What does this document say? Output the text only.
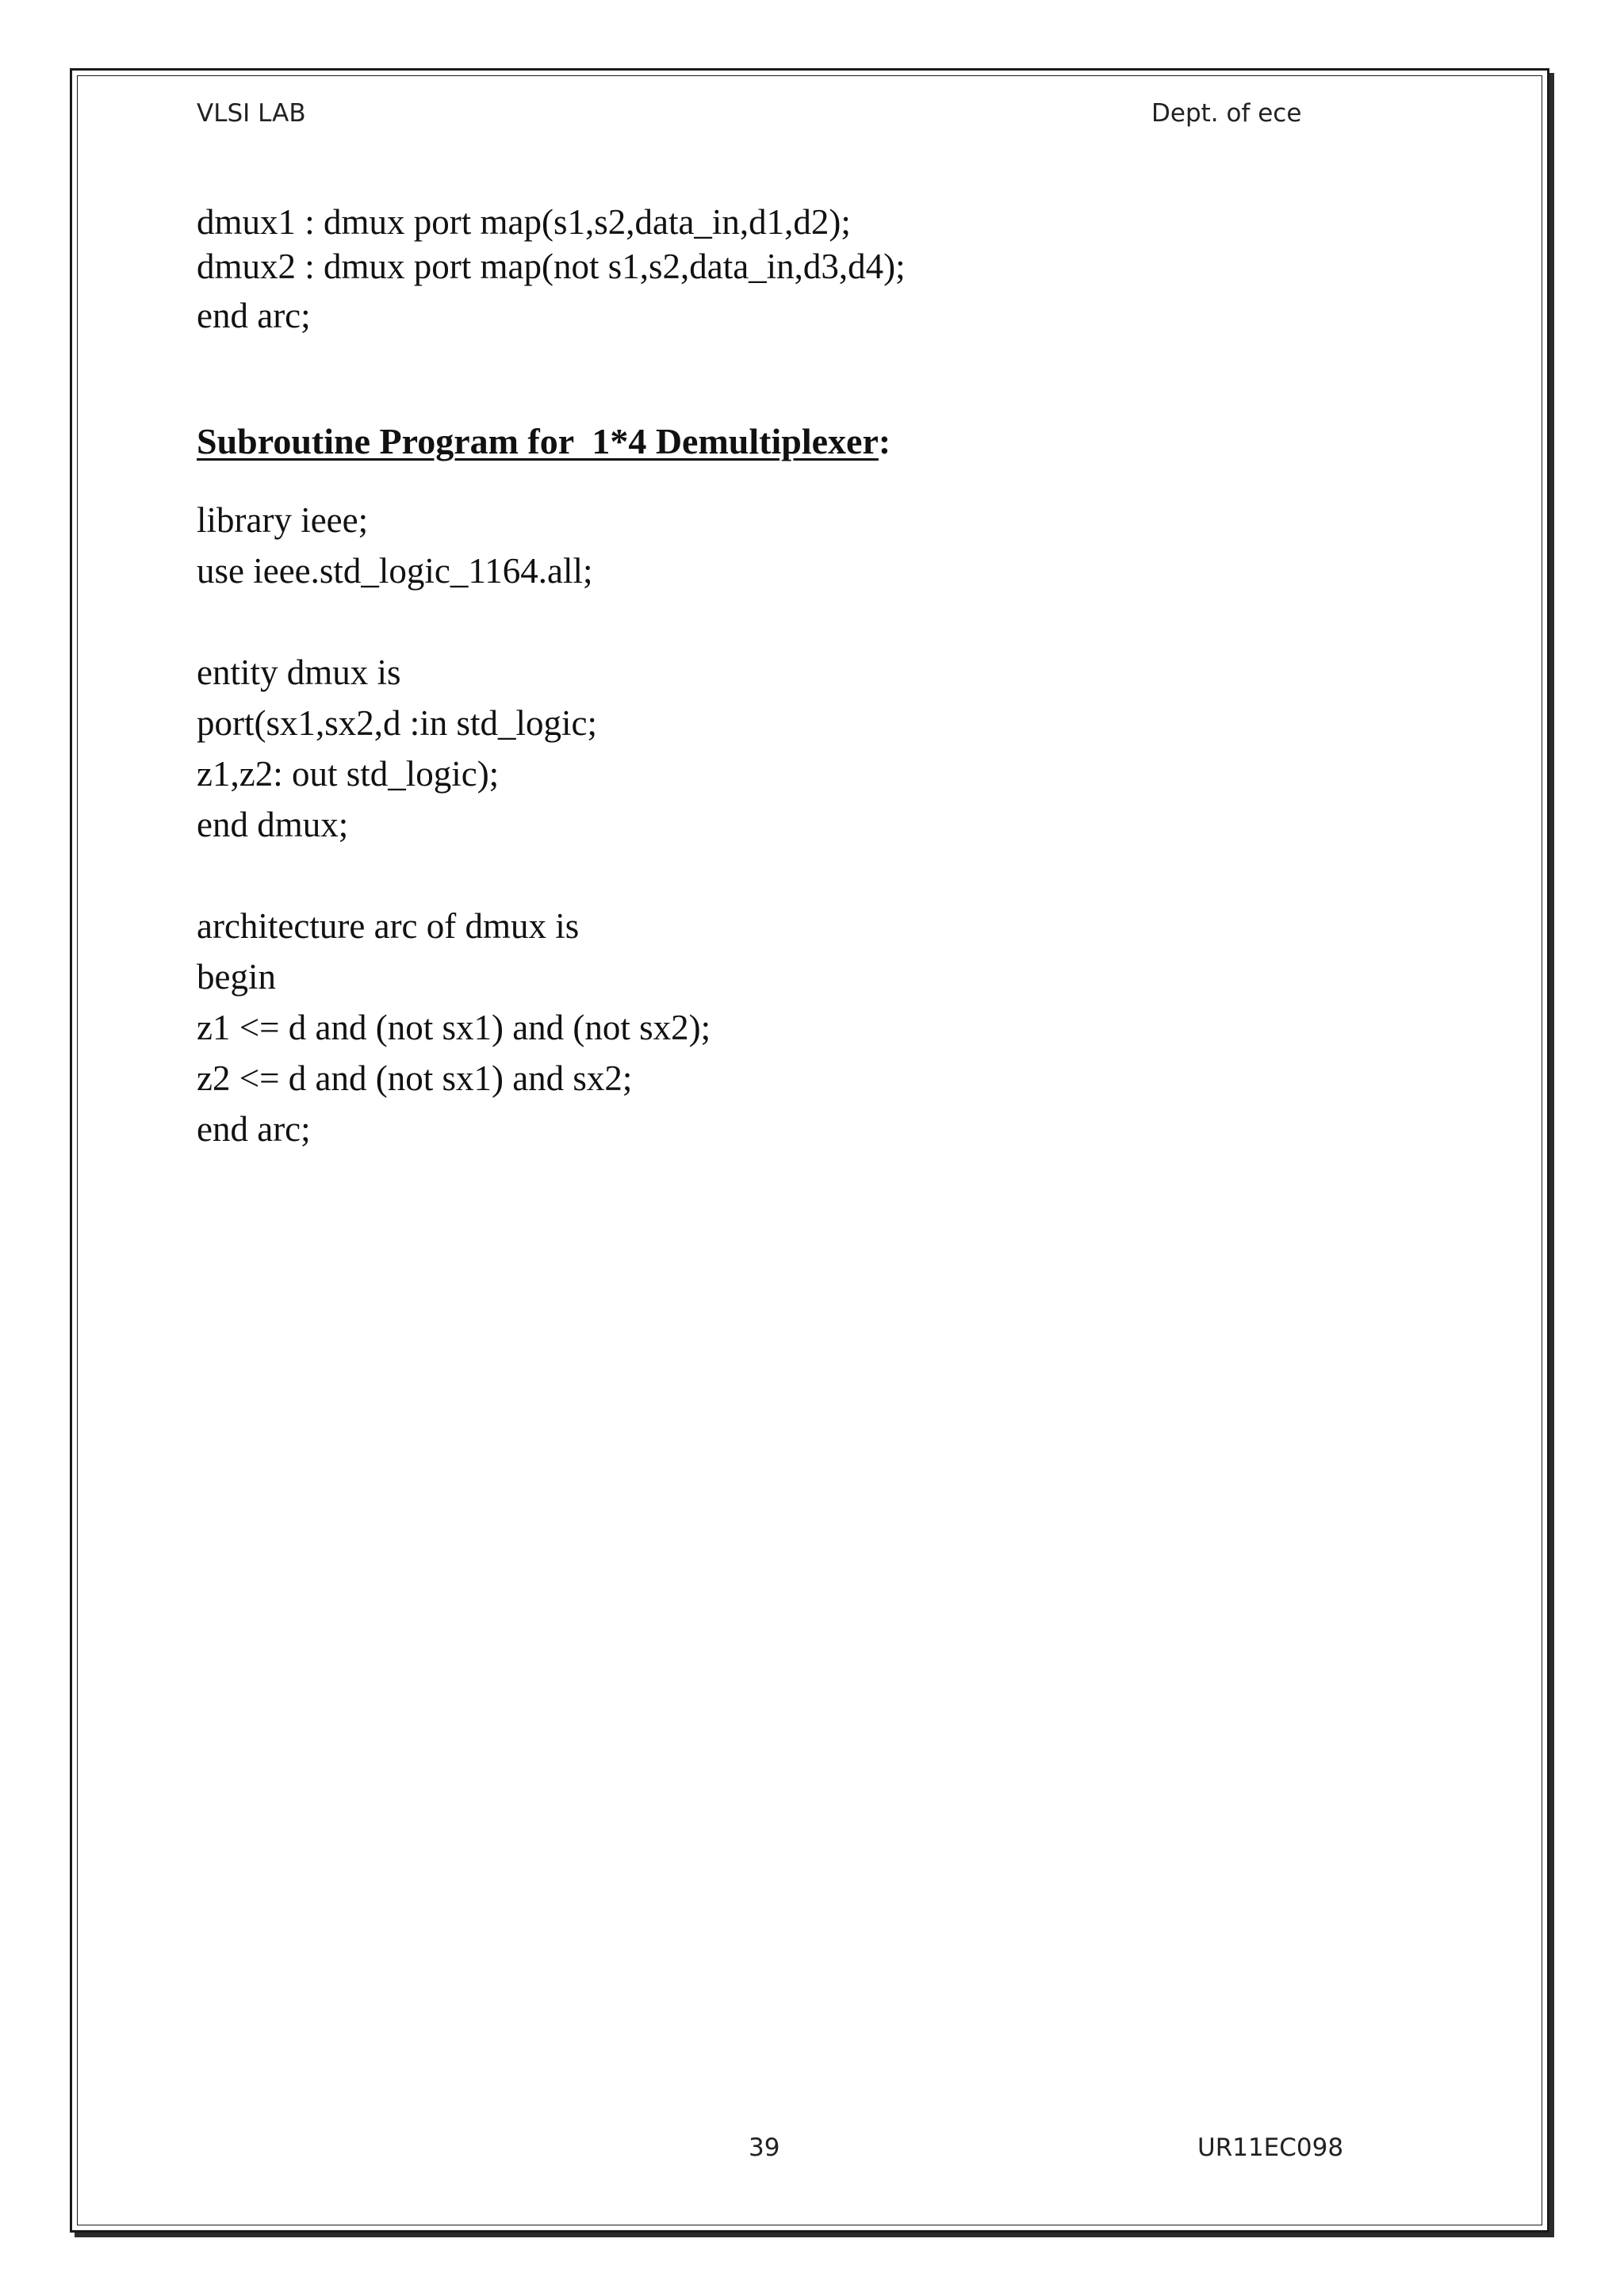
VLSI LAB	Dept. of ece
dmux1 : dmux port map(s1,s2,data_in,d1,d2);
dmux2 : dmux port map(not s1,s2,data_in,d3,d4);
end arc;
Subroutine Program for  1*4 Demultiplexer:
library ieee;
use ieee.std_logic_1164.all;
entity dmux is
port(sx1,sx2,d :in std_logic;
z1,z2: out std_logic);
end dmux;
architecture arc of dmux is
begin
z1 <= d and (not sx1) and (not sx2);
z2 <= d and (not sx1) and sx2;
end arc;
39	UR11EC098
